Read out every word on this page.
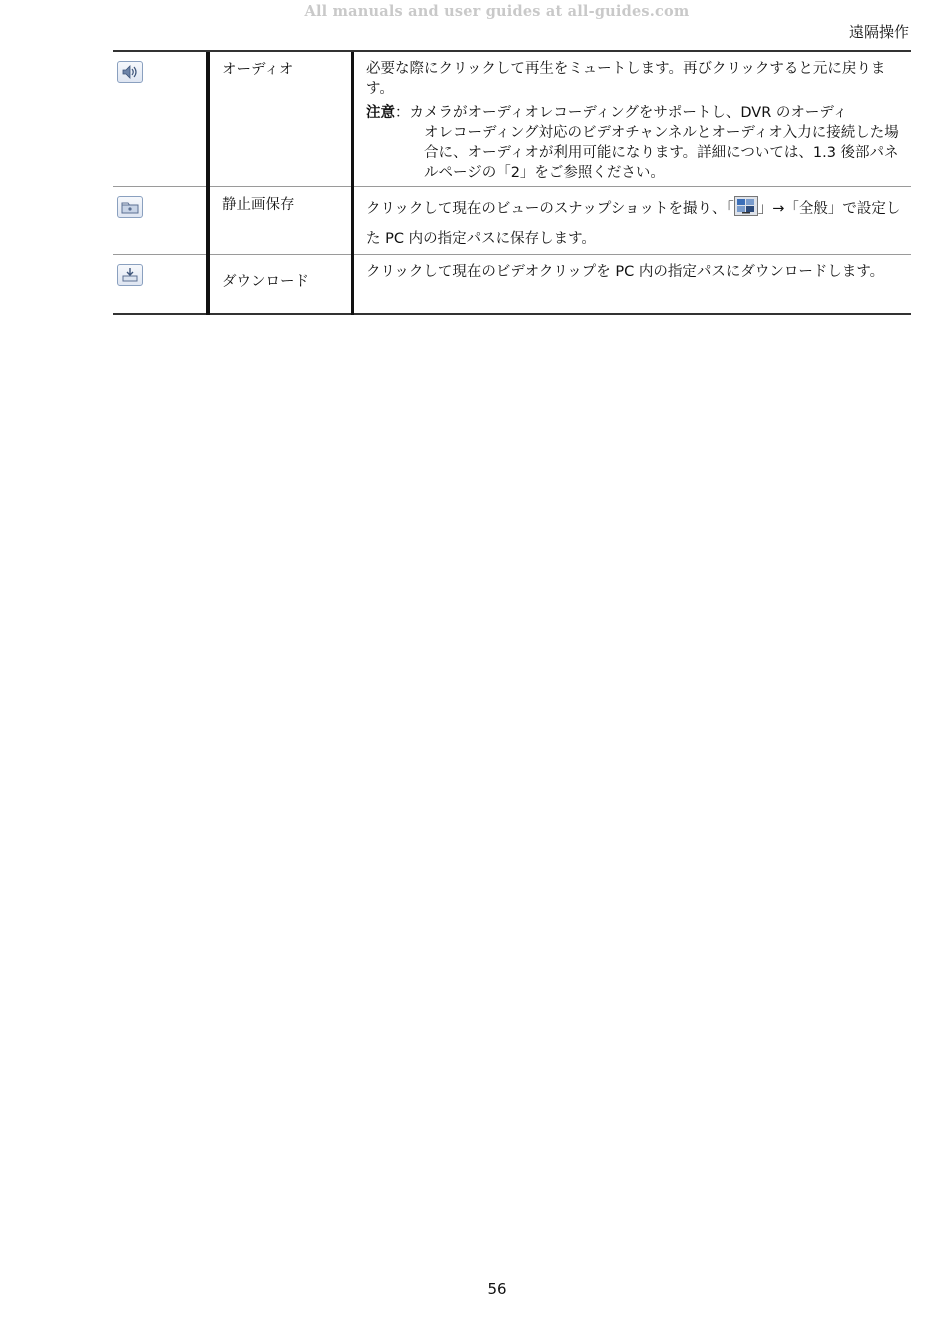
All manuals and user guides at all-guides.com
遠隔操作

オーディオ	必要な際にクリックして再生をミュートします。再びクリックすると元に戻ります。
注意 ： カメラがオーディオレコーディングをサポートし、DVR のオーディ
オレコーディング対応のビデオチャンネルとオーディオ入力に接続した場合に、オーディオが利用可能になります。詳細については、1.3 後部パネルページの「2」をご参照ください。

静止画保存	クリックして現在のビューのスナップショットを撮り、「 」→「全般」で設定した PC 内の指定パスに保存します。

ダウンロード	クリックして現在のビデオクリップを PC 内の指定パスにダウンロードします。
56
